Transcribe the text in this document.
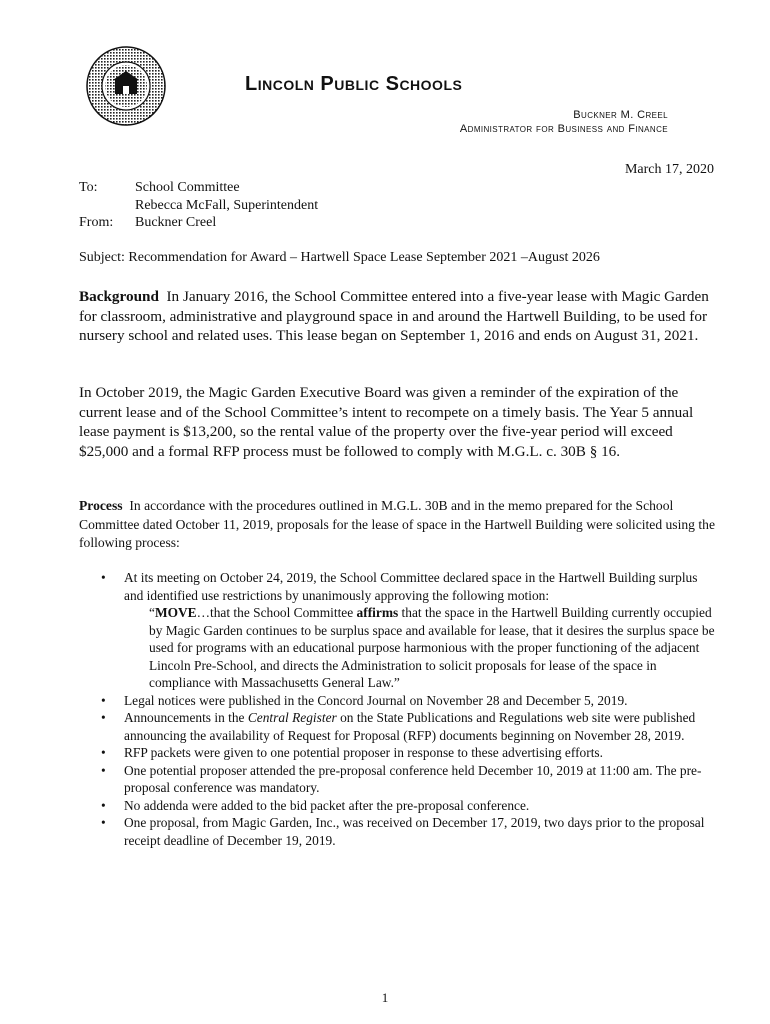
Lincoln Public Schools
Buckner M. Creel
Administrator for Business and Finance
March 17, 2020
To:	School Committee
Rebecca McFall, Superintendent
From:	Buckner Creel
Subject: Recommendation for Award – Hartwell Space Lease September 2021 –August 2026
Background In January 2016, the School Committee entered into a five-year lease with Magic Garden for classroom, administrative and playground space in and around the Hartwell Building, to be used for nursery school and related uses. This lease began on September 1, 2016 and ends on August 31, 2021.
In October 2019, the Magic Garden Executive Board was given a reminder of the expiration of the current lease and of the School Committee’s intent to recompete on a timely basis. The Year 5 annual lease payment is $13,200, so the rental value of the property over the five-year period will exceed $25,000 and a formal RFP process must be followed to comply with M.G.L. c. 30B § 16.
Process In accordance with the procedures outlined in M.G.L. 30B and in the memo prepared for the School Committee dated October 11, 2019, proposals for the lease of space in the Hartwell Building were solicited using the following process:
•	At its meeting on October 24, 2019, the School Committee declared space in the Hartwell Building surplus and identified use restrictions by unanimously approving the following motion:
“MOVE…that the School Committee affirms that the space in the Hartwell Building currently occupied by Magic Garden continues to be surplus space and available for lease, that it desires the surplus space be used for programs with an educational purpose harmonious with the proper functioning of the adjacent Lincoln Pre-School, and directs the Administration to solicit proposals for lease of the space in compliance with Massachusetts General Law.”
•	Legal notices were published in the Concord Journal on November 28 and December 5, 2019.
•	Announcements in the Central Register on the State Publications and Regulations web site were published announcing the availability of Request for Proposal (RFP) documents beginning on November 28, 2019.
•	RFP packets were given to one potential proposer in response to these advertising efforts.
•	One potential proposer attended the pre-proposal conference held December 10, 2019 at 11:00 am. The pre-proposal conference was mandatory.
•	No addenda were added to the bid packet after the pre-proposal conference.
•	One proposal, from Magic Garden, Inc., was received on December 17, 2019, two days prior to the proposal receipt deadline of December 19, 2019.
1
